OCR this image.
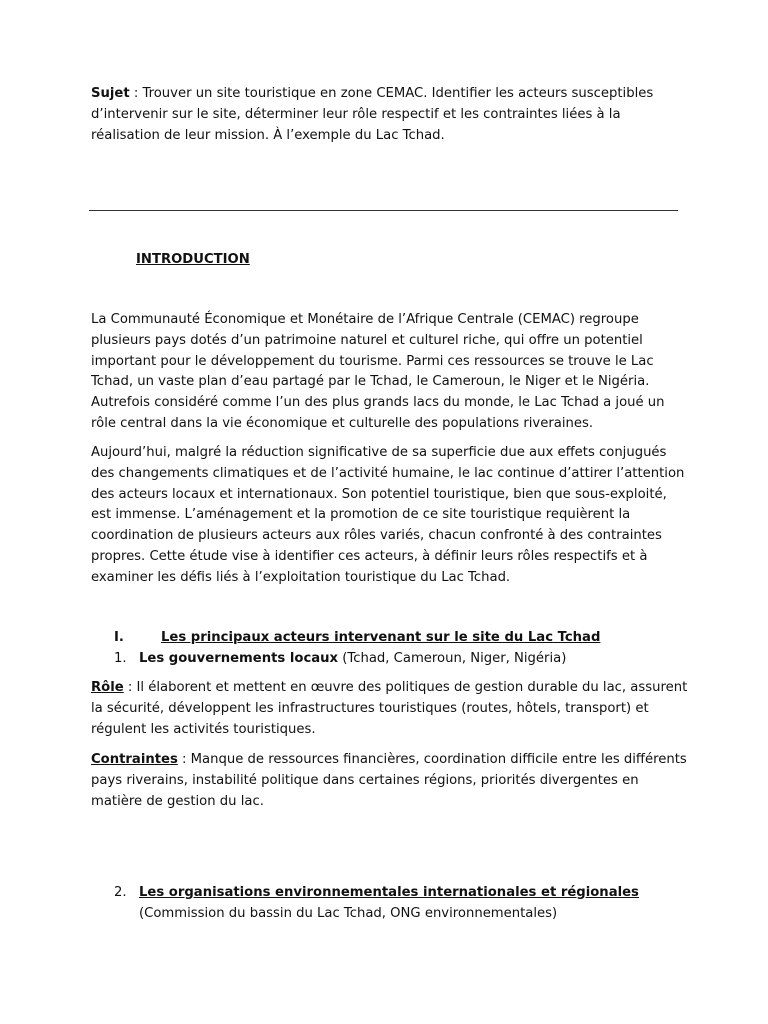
Sujet : Trouver un site touristique en zone CEMAC. Identifier les acteurs susceptibles d’intervenir sur le site, déterminer leur rôle respectif et les contraintes liées à la réalisation de leur mission. À l’exemple du Lac Tchad.

INTRODUCTION

La Communauté Économique et Monétaire de l’Afrique Centrale (CEMAC) regroupe plusieurs pays dotés d’un patrimoine naturel et culturel riche, qui offre un potentiel important pour le développement du tourisme. Parmi ces ressources se trouve le Lac Tchad, un vaste plan d’eau partagé par le Tchad, le Cameroun, le Niger et le Nigéria. Autrefois considéré comme l’un des plus grands lacs du monde, le Lac Tchad a joué un rôle central dans la vie économique et culturelle des populations riveraines.

Aujourd’hui, malgré la réduction significative de sa superficie due aux effets conjugués des changements climatiques et de l’activité humaine, le lac continue d’attirer l’attention des acteurs locaux et internationaux. Son potentiel touristique, bien que sous-exploité, est immense. L’aménagement et la promotion de ce site touristique requièrent la coordination de plusieurs acteurs aux rôles variés, chacun confronté à des contraintes propres. Cette étude vise à identifier ces acteurs, à définir leurs rôles respectifs et à examiner les défis liés à l’exploitation touristique du Lac Tchad.

I.	Les principaux acteurs intervenant sur le site du Lac Tchad
1. Les gouvernements locaux (Tchad, Cameroun, Niger, Nigéria)

Rôle : Il élaborent et mettent en œuvre des politiques de gestion durable du lac, assurent la sécurité, développent les infrastructures touristiques (routes, hôtels, transport) et régulent les activités touristiques.

Contraintes : Manque de ressources financières, coordination difficile entre les différents pays riverains, instabilité politique dans certaines régions, priorités divergentes en matière de gestion du lac.

2. Les organisations environnementales internationales et régionales
(Commission du bassin du Lac Tchad, ONG environnementales)
